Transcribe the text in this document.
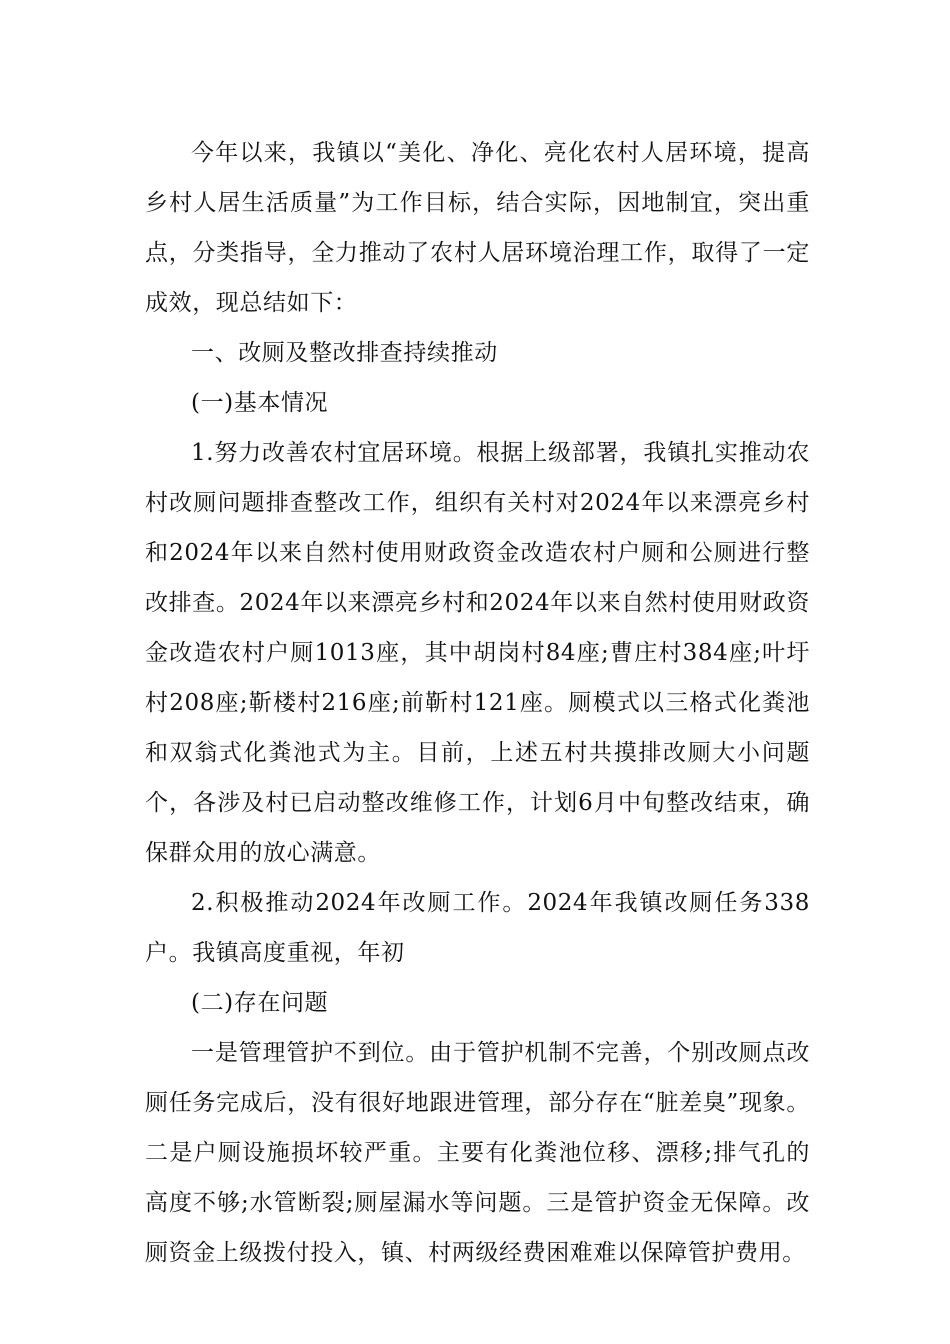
今年以来，我镇以“美化、净化、亮化农村人居环境，提高乡村人居生活质量”为工作目标，结合实际，因地制宜，突出重点，分类指导，全力推动了农村人居环境治理工作，取得了一定成效，现总结如下：

一、改厕及整改排查持续推动

(一)基本情况

1.努力改善农村宜居环境。根据上级部署，我镇扎实推动农村改厕问题排查整改工作，组织有关村对2024年以来漂亮乡村和2024年以来自然村使用财政资金改造农村户厕和公厕进行整改排查。2024年以来漂亮乡村和2024年以来自然村使用财政资金改造农村户厕1013座，其中胡岗村84座;曹庄村384座;叶圩村208座;靳楼村216座;前靳村121座。厕模式以三格式化粪池和双翁式化粪池式为主。目前，上述五村共摸排改厕大小问题 个，各涉及村已启动整改维修工作，计划6月中旬整改结束，确保群众用的放心满意。

2.积极推动2024年改厕工作。2024年我镇改厕任务338户。我镇高度重视，年初

(二)存在问题

一是管理管护不到位。由于管护机制不完善，个别改厕点改厕任务完成后，没有很好地跟进管理，部分存在“脏差臭”现象。二是户厕设施损坏较严重。主要有化粪池位移、漂移;排气孔的高度不够;水管断裂;厕屋漏水等问题。三是管护资金无保障。改厕资金上级拨付投入，镇、村两级经费困难难以保障管护费用。
